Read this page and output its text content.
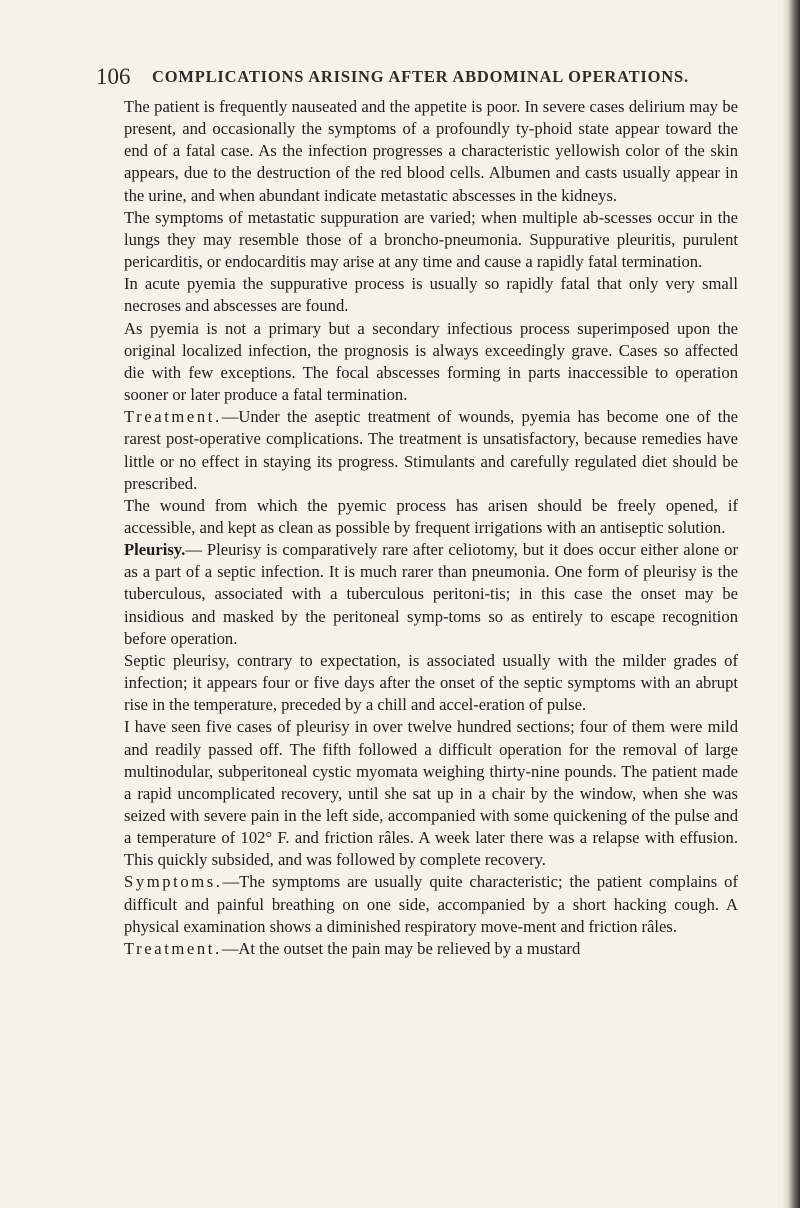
106 COMPLICATIONS ARISING AFTER ABDOMINAL OPERATIONS.

The patient is frequently nauseated and the appetite is poor. In severe cases delirium may be present, and occasionally the symptoms of a profoundly ty-phoid state appear toward the end of a fatal case. As the infection progresses a characteristic yellowish color of the skin appears, due to the destruction of the red blood cells. Albumen and casts usually appear in the urine, and when abundant indicate metastatic abscesses in the kidneys.

The symptoms of metastatic suppuration are varied; when multiple ab-scesses occur in the lungs they may resemble those of a broncho-pneumonia. Suppurative pleuritis, purulent pericarditis, or endocarditis may arise at any time and cause a rapidly fatal termination.

In acute pyemia the suppurative process is usually so rapidly fatal that only very small necroses and abscesses are found.

As pyemia is not a primary but a secondary infectious process superimposed upon the original localized infection, the prognosis is always exceedingly grave. Cases so affected die with few exceptions. The focal abscesses forming in parts inaccessible to operation sooner or later produce a fatal termination.

Treatment.—Under the aseptic treatment of wounds, pyemia has become one of the rarest post-operative complications. The treatment is unsatisfactory, because remedies have little or no effect in staying its progress. Stimulants and carefully regulated diet should be prescribed.

The wound from which the pyemic process has arisen should be freely opened, if accessible, and kept as clean as possible by frequent irrigations with an antiseptic solution.

Pleurisy.— Pleurisy is comparatively rare after celiotomy, but it does occur either alone or as a part of a septic infection. It is much rarer than pneumonia. One form of pleurisy is the tuberculous, associated with a tuberculous peritoni-tis; in this case the onset may be insidious and masked by the peritoneal symp-toms so as entirely to escape recognition before operation.

Septic pleurisy, contrary to expectation, is associated usually with the milder grades of infection; it appears four or five days after the onset of the septic symptoms with an abrupt rise in the temperature, preceded by a chill and accel-eration of pulse.

I have seen five cases of pleurisy in over twelve hundred sections; four of them were mild and readily passed off. The fifth followed a difficult operation for the removal of large multinodular, subperitoneal cystic myomata weighing thirty-nine pounds. The patient made a rapid uncomplicated recovery, until she sat up in a chair by the window, when she was seized with severe pain in the left side, accompanied with some quickening of the pulse and a temperature of 102° F. and friction râles. A week later there was a relapse with effusion. This quickly subsided, and was followed by complete recovery.

Symptoms.—The symptoms are usually quite characteristic; the patient complains of difficult and painful breathing on one side, accompanied by a short hacking cough. A physical examination shows a diminished respiratory move-ment and friction râles.

Treatment.—At the outset the pain may be relieved by a mustard
